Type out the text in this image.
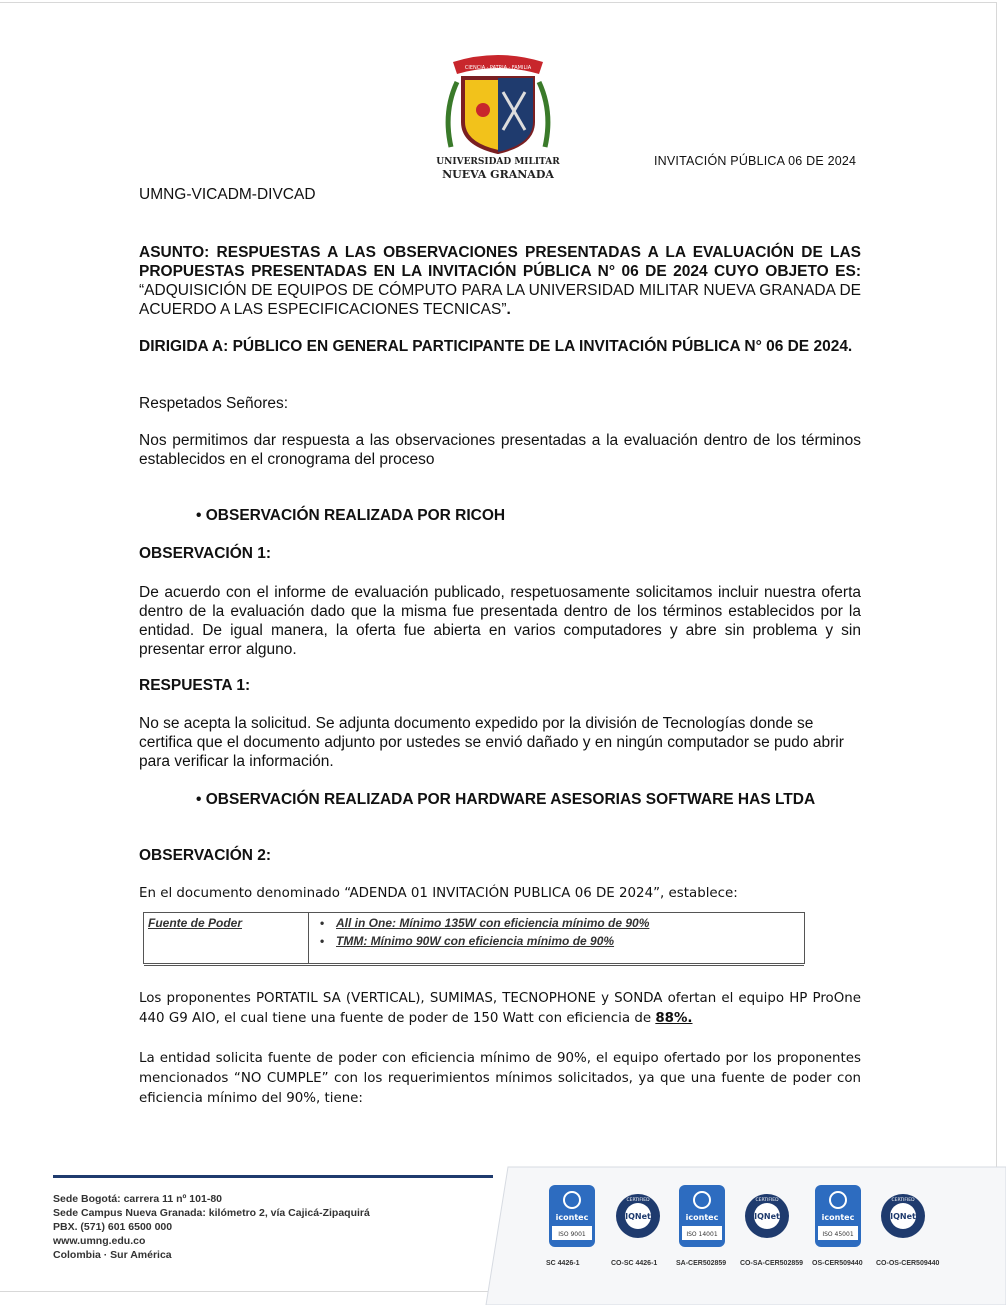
CIENCIA · PATRIA · FAMILIA
UNIVERSIDAD MILITAR
NUEVA GRANADA
INVITACIÓN PÚBLICA 06 DE 2024
UMNG-VICADM-DIVCAD
ASUNTO: RESPUESTAS A LAS OBSERVACIONES PRESENTADAS A LA EVALUACIÓN DE LAS PROPUESTAS PRESENTADAS EN LA INVITACIÓN PÚBLICA N° 06 DE 2024 CUYO OBJETO ES: “ADQUISICIÓN DE EQUIPOS DE CÓMPUTO PARA LA UNIVERSIDAD MILITAR NUEVA GRANADA DE ACUERDO A LAS ESPECIFICACIONES TECNICAS”.
DIRIGIDA A: PÚBLICO EN GENERAL PARTICIPANTE DE LA INVITACIÓN PÚBLICA N° 06 DE 2024.
Respetados Señores:
Nos permitimos dar respuesta a las observaciones presentadas a la evaluación dentro de los términos establecidos en el cronograma del proceso
• OBSERVACIÓN REALIZADA POR RICOH
OBSERVACIÓN 1:
De acuerdo con el informe de evaluación publicado, respetuosamente solicitamos incluir nuestra oferta dentro de la evaluación dado que la misma fue presentada dentro de los términos establecidos por la entidad. De igual manera, la oferta fue abierta en varios computadores y abre sin problema y sin presentar error alguno.
RESPUESTA 1:
No se acepta la solicitud. Se adjunta documento expedido por la división de Tecnologías donde se certifica que el documento adjunto por ustedes se envió dañado y en ningún computador se pudo abrir para verificar la información.
• OBSERVACIÓN REALIZADA POR HARDWARE ASESORIAS SOFTWARE HAS LTDA
OBSERVACIÓN 2:
En el documento denominado “ADENDA 01 INVITACIÓN PUBLICA 06 DE 2024”, establece:
Fuente de Poder	• All in One: Mínimo 135W con eficiencia mínimo de 90%
• TMM: Mínimo 90W con eficiencia mínimo de 90%
Los proponentes PORTATIL SA (VERTICAL), SUMIMAS, TECNOPHONE y SONDA ofertan el equipo HP ProOne 440 G9 AIO, el cual tiene una fuente de poder de 150 Watt con eficiencia de 88%.
La entidad solicita fuente de poder con eficiencia mínimo de 90%, el equipo ofertado por los proponentes mencionados “NO CUMPLE” con los requerimientos mínimos solicitados, ya que una fuente de poder con eficiencia mínimo del 90%, tiene:
Sede Bogotá: carrera 11 nº 101-80
Sede Campus Nueva Granada: kilómetro 2, vía Cajicá-Zipaquirá
PBX. (571) 601 6500 000
www.umng.edu.co
Colombia · Sur América
icontec
ISO 9001
SC 4426-1
IQNet
CERTIFIED
CO-SC 4426-1
icontec
ISO 14001
SA-CER502859
IQNet
CERTIFIED
CO-SA-CER502859
icontec
ISO 45001
OS-CER509440
IQNet
CERTIFIED
CO-OS-CER509440
